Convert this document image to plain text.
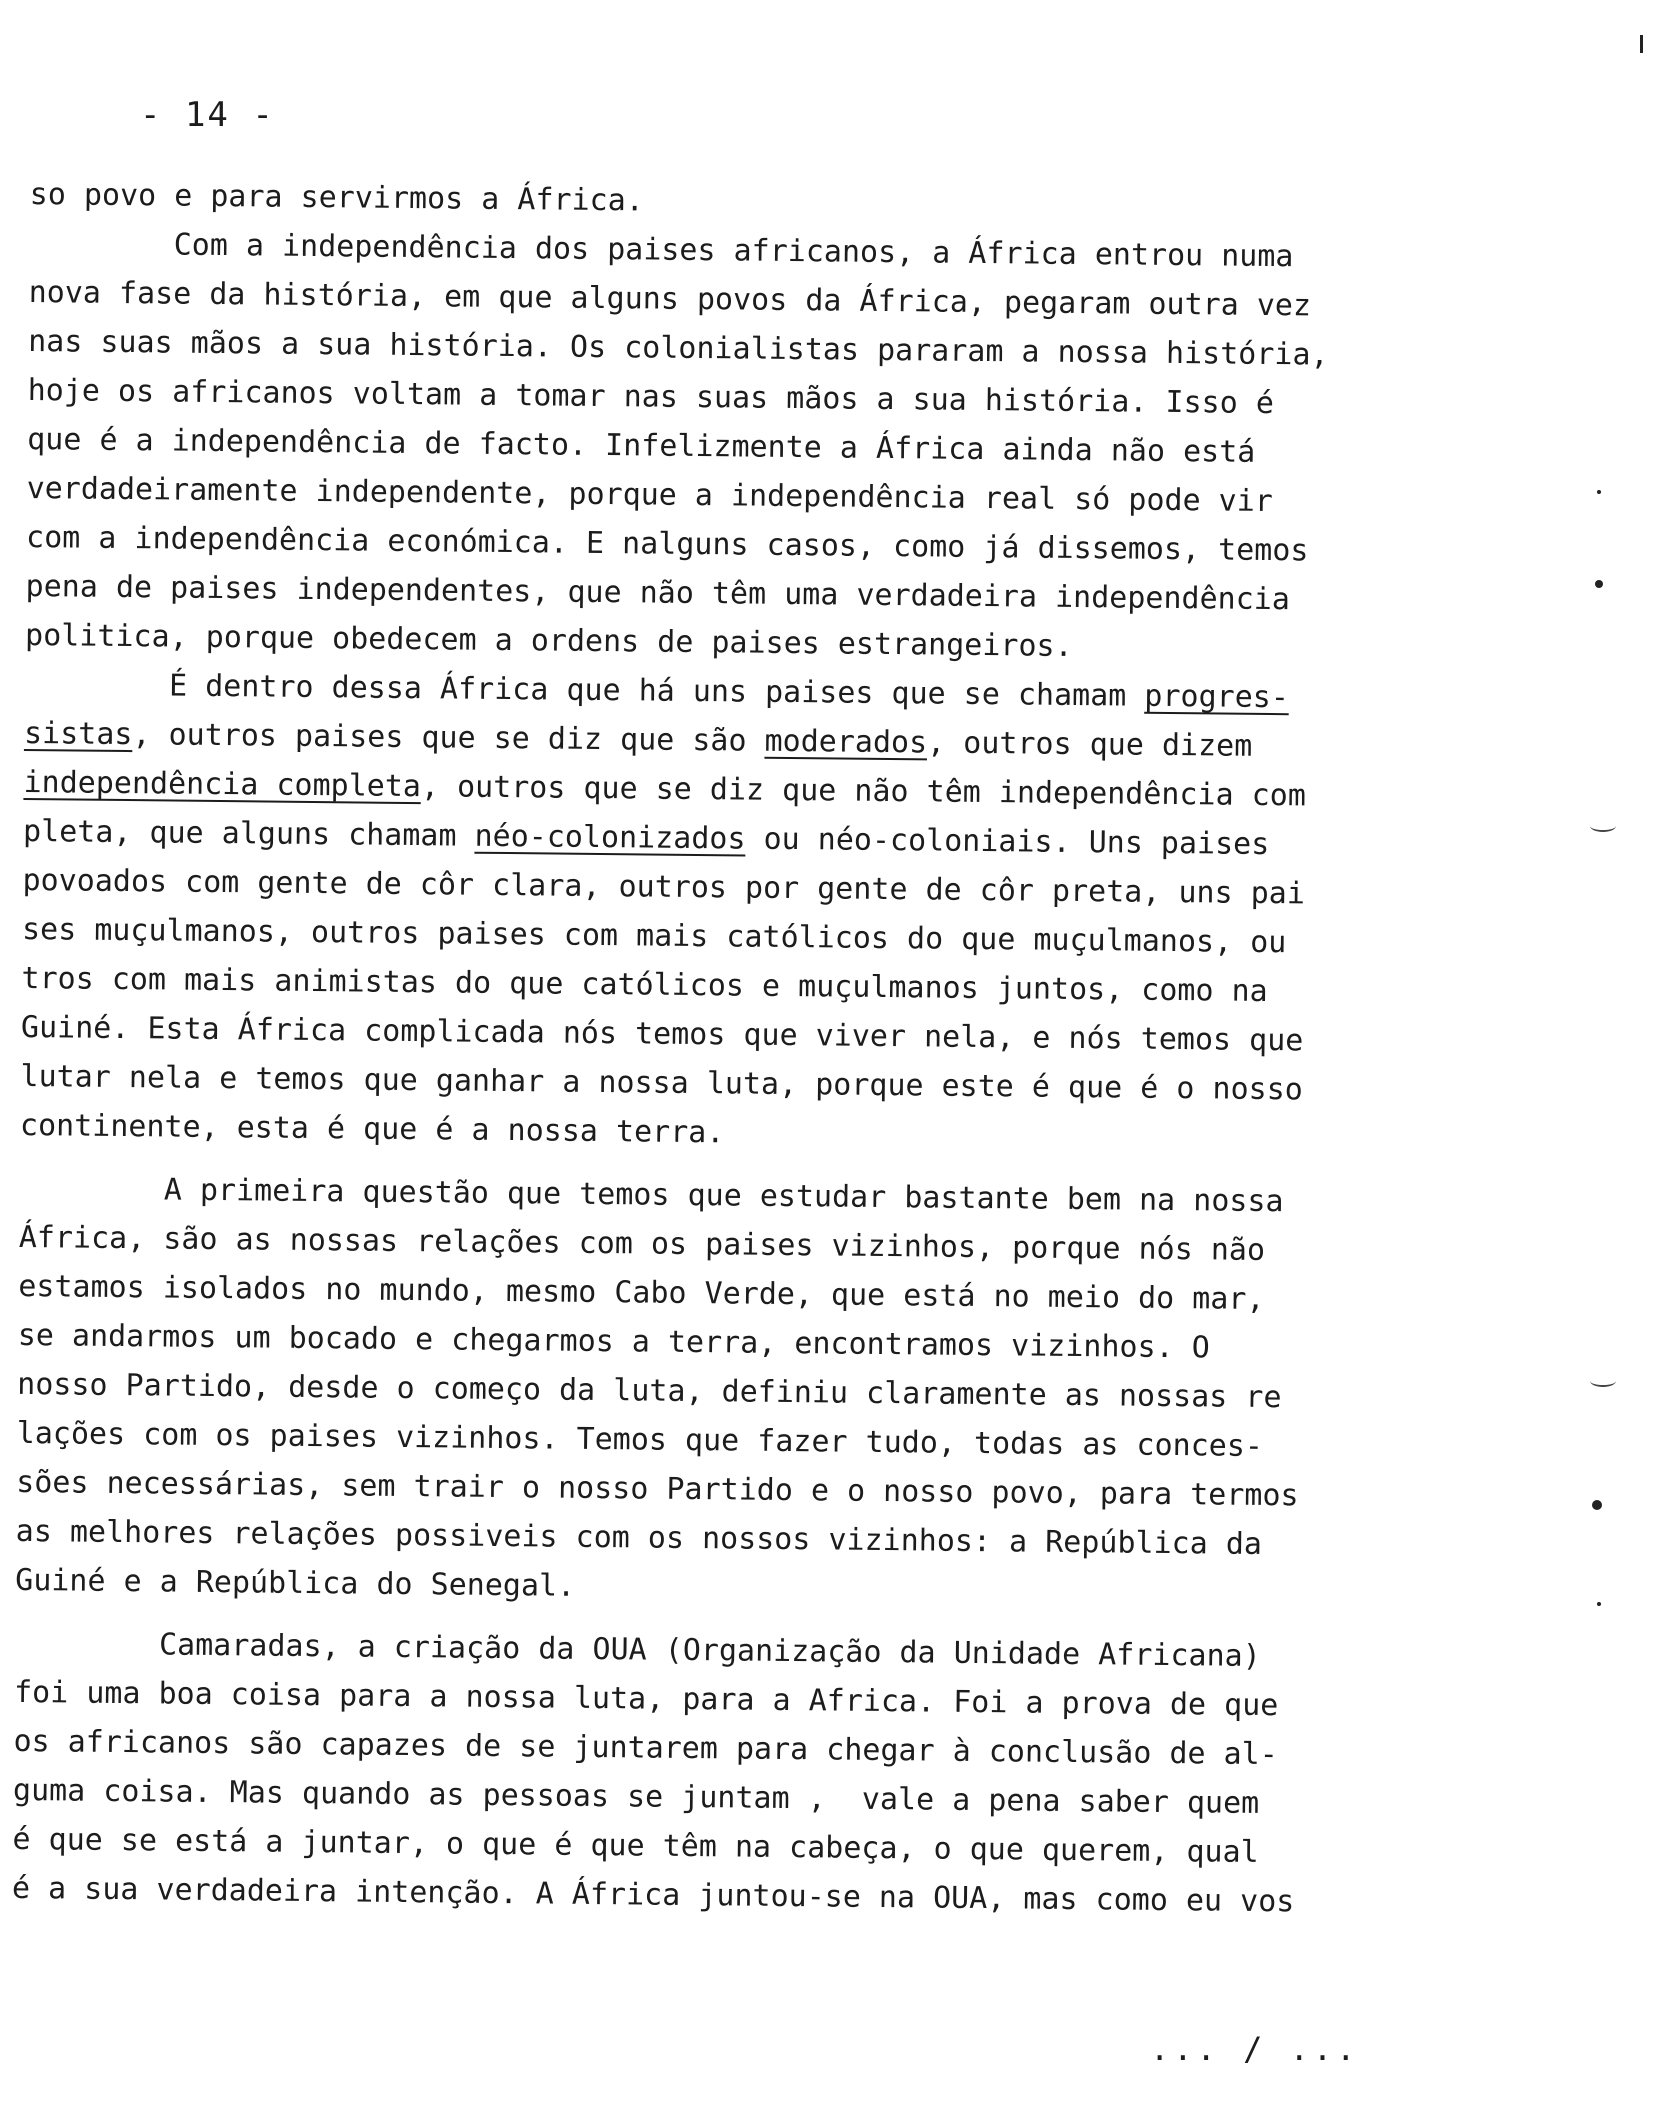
- 14 -
so povo e para servirmos a África.
Com a independência dos paises africanos, a África entrou numa
nova fase da história, em que alguns povos da África, pegaram outra vez
nas suas mãos a sua história. Os colonialistas pararam a nossa história,
hoje os africanos voltam a tomar nas suas mãos a sua história. Isso é
que é a independência de facto. Infelizmente a África ainda não está
verdadeiramente independente, porque a independência real só pode vir
com a independência económica. E nalguns casos, como já dissemos, temos
pena de paises independentes, que não têm uma verdadeira independência
politica, porque obedecem a ordens de paises estrangeiros.
É dentro dessa África que há uns paises que se chamam progres-
sistas, outros paises que se diz que são moderados, outros que dizem
independência completa, outros que se diz que não têm independência com
pleta, que alguns chamam néo-colonizados ou néo-coloniais. Uns paises
povoados com gente de côr clara, outros por gente de côr preta, uns pai
ses muçulmanos, outros paises com mais católicos do que muçulmanos, ou
tros com mais animistas do que católicos e muçulmanos juntos, como na
Guiné. Esta África complicada nós temos que viver nela, e nós temos que
lutar nela e temos que ganhar a nossa luta, porque este é que é o nosso
continente, esta é que é a nossa terra.
A primeira questão que temos que estudar bastante bem na nossa
África, são as nossas relações com os paises vizinhos, porque nós não
estamos isolados no mundo, mesmo Cabo Verde, que está no meio do mar,
se andarmos um bocado e chegarmos a terra, encontramos vizinhos. O
nosso Partido, desde o começo da luta, definiu claramente as nossas re
lações com os paises vizinhos. Temos que fazer tudo, todas as conces-
sões necessárias, sem trair o nosso Partido e o nosso povo, para termos
as melhores relações possiveis com os nossos vizinhos: a República da
Guiné e a República do Senegal.
Camaradas, a criação da OUA (Organização da Unidade Africana)
foi uma boa coisa para a nossa luta, para a Africa. Foi a prova de que
os africanos são capazes de se juntarem para chegar à conclusão de al-
guma coisa. Mas quando as pessoas se juntam ,  vale a pena saber quem
é que se está a juntar, o que é que têm na cabeça, o que querem, qual
é a sua verdadeira intenção. A África juntou-se na OUA, mas como eu vos
... / ...
